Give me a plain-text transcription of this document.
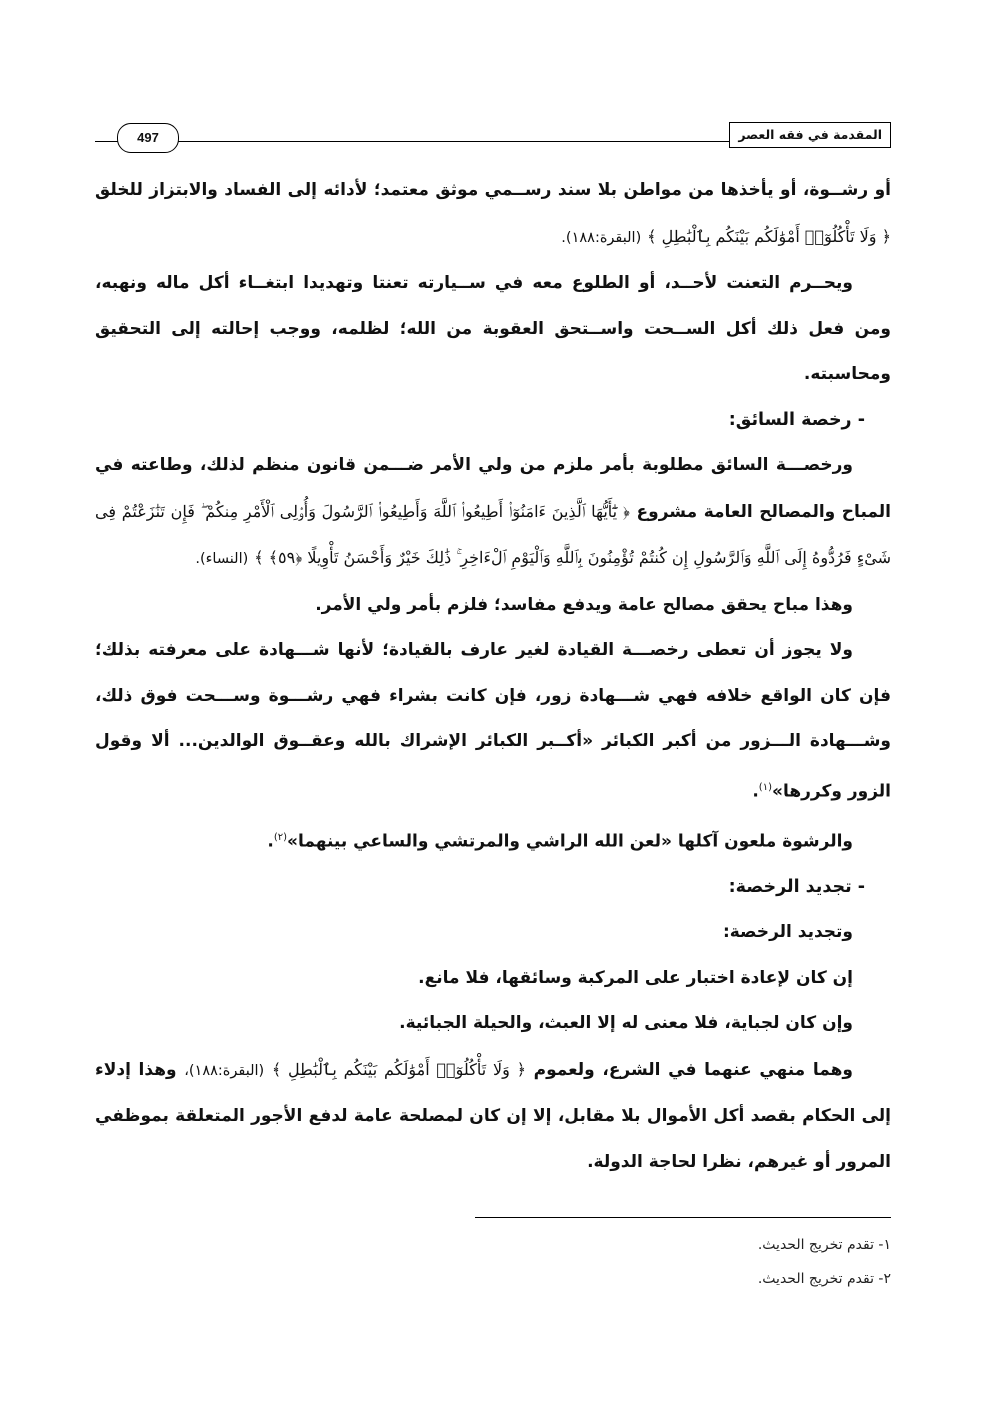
497	المقدمة في فقه العصر

أو رشــوة، أو يأخذها من مواطن بلا سند رســمي موثق معتمد؛ لأدائه إلى الفساد والابتزاز للخلق ﴿ وَلَا تَأْكُلُوٓا۟ أَمْوَٰلَكُم بَيْنَكُم بِٱلْبَٰطِلِ ﴾ (البقرة:١٨٨).

ويحــرم التعنت لأحــد، أو الطلوع معه في ســيارته تعنتا وتهديدا ابتغــاء أكل ماله ونهبه، ومن فعل ذلك أكل الســحت واســتحق العقوبة من الله؛ لظلمه، ووجب إحالته إلى التحقيق ومحاسبته.

- رخصة السائق:

ورخصـــة السائق مطلوبة بأمر ملزم من ولي الأمر ضـــمن قانون منظم لذلك، وطاعته في المباح والمصالح العامة مشروع ﴿ يَٰٓأَيُّهَا ٱلَّذِينَ ءَامَنُوٓا۟ أَطِيعُوا۟ ٱللَّهَ وَأَطِيعُوا۟ ٱلرَّسُولَ وَأُو۟لِى ٱلْأَمْرِ مِنكُمْ ۖ فَإِن تَنَٰزَعْتُمْ فِى شَىْءٍ فَرُدُّوهُ إِلَى ٱللَّهِ وَٱلرَّسُولِ إِن كُنتُمْ تُؤْمِنُونَ بِٱللَّهِ وَٱلْيَوْمِ ٱلْءَاخِرِ ۚ ذَٰلِكَ خَيْرٌ وَأَحْسَنُ تَأْوِيلًا ﴿٥٩﴾ ﴾ (النساء).

وهذا مباح يحقق مصالح عامة ويدفع مفاسد؛ فلزم بأمر ولي الأمر.

ولا يجوز أن تعطى رخصـــة القيادة لغير عارف بالقيادة؛ لأنها شـــهادة على معرفته بذلك؛ فإن كان الواقع خلافه فهي شـــهادة زور، فإن كانت بشراء فهي رشـــوة وســـحت فوق ذلك، وشـــهادة الـــزور من أكبر الكبائر «أكــبر الكبائر الإشراك بالله وعقــوق الوالدين... ألا وقول الزور وكررها»$^{(١)}$.

والرشوة ملعون آكلها «لعن الله الراشي والمرتشي والساعي بينهما»$^{(٢)}$.

- تجديد الرخصة:

وتجديد الرخصة:

إن كان لإعادة اختبار على المركبة وسائقها، فلا مانع.

وإن كان لجباية، فلا معنى له إلا العبث، والحيلة الجبائية.

وهما منهي عنهما في الشرع، ولعموم ﴿ وَلَا تَأْكُلُوٓا۟ أَمْوَٰلَكُم بَيْنَكُم بِٱلْبَٰطِلِ ﴾ (البقرة:١٨٨)، وهذا إدلاء إلى الحكام بقصد أكل الأموال بلا مقابل، إلا إن كان لمصلحة عامة لدفع الأجور المتعلقة بموظفي المرور أو غيرهم، نظرا لحاجة الدولة.

١- تقدم تخريج الحديث.

٢- تقدم تخريج الحديث.
